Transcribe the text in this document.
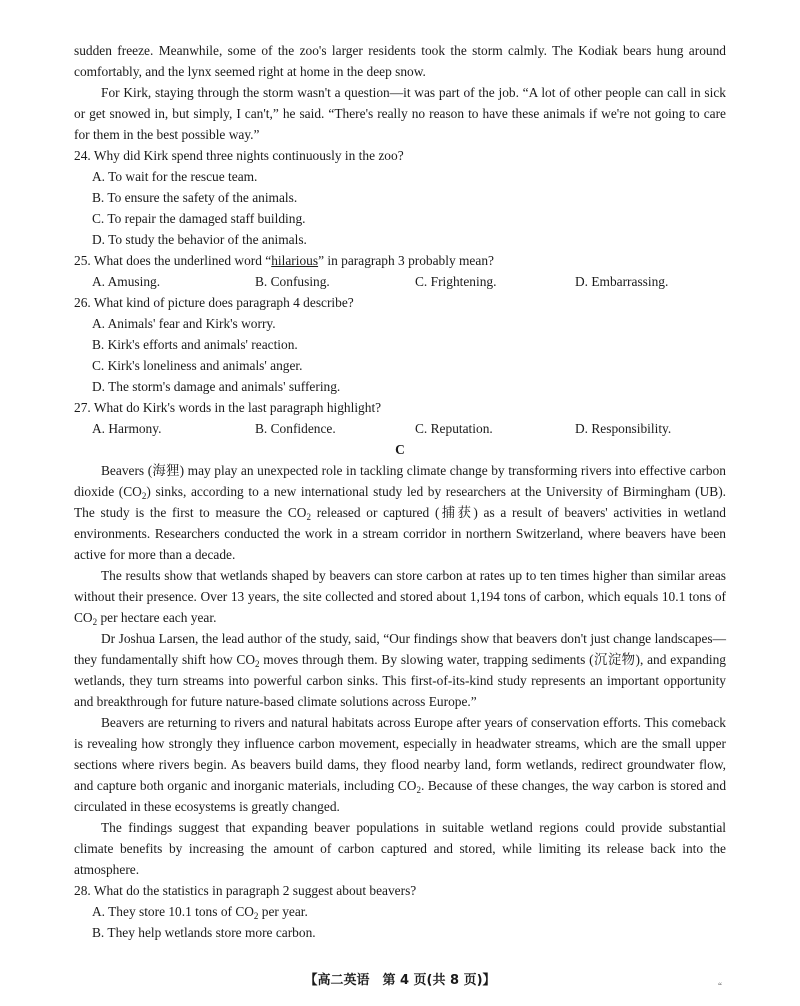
sudden freeze. Meanwhile, some of the zoo's larger residents took the storm calmly. The Kodiak bears hung around comfortably, and the lynx seemed right at home in the deep snow.

For Kirk, staying through the storm wasn't a question—it was part of the job. “A lot of other people can call in sick or get snowed in, but simply, I can't,” he said. “There's really no reason to have these animals if we're not going to care for them in the best possible way.”

24. Why did Kirk spend three nights continuously in the zoo?

A. To wait for the rescue team.

B. To ensure the safety of the animals.

C. To repair the damaged staff building.

D. To study the behavior of the animals.

25. What does the underlined word “hilarious” in paragraph 3 probably mean?

A. Amusing.	B. Confusing.	C. Frightening.	D. Embarrassing.

26. What kind of picture does paragraph 4 describe?

A. Animals' fear and Kirk's worry.

B. Kirk's efforts and animals' reaction.

C. Kirk's loneliness and animals' anger.

D. The storm's damage and animals' suffering.

27. What do Kirk's words in the last paragraph highlight?

A. Harmony.	B. Confidence.	C. Reputation.	D. Responsibility.

C

Beavers (海狸) may play an unexpected role in tackling climate change by transforming rivers into effective carbon dioxide $(CO_2)$ sinks, according to a new international study led by researchers at the University of Birmingham (UB). The study is the first to measure the $CO_2$ released or captured (捕获) as a result of beavers' activities in wetland environments. Researchers conducted the work in a stream corridor in northern Switzerland, where beavers have been active for more than a decade.

The results show that wetlands shaped by beavers can store carbon at rates up to ten times higher than similar areas without their presence. Over 13 years, the site collected and stored about 1,194 tons of carbon, which equals 10.1 tons of $CO_2$ per hectare each year.

Dr Joshua Larsen, the lead author of the study, said, “Our findings show that beavers don't just change landscapes—they fundamentally shift how $CO_2$ moves through them. By slowing water, trapping sediments (沉淀物), and expanding wetlands, they turn streams into powerful carbon sinks. This first-of-its-kind study represents an important opportunity and breakthrough for future nature-based climate solutions across Europe.”

Beavers are returning to rivers and natural habitats across Europe after years of conservation efforts. This comeback is revealing how strongly they influence carbon movement, especially in headwater streams, which are the small upper sections where rivers begin. As beavers build dams, they flood nearby land, form wetlands, redirect groundwater flow, and capture both organic and inorganic materials, including $CO_2$. Because of these changes, the way carbon is stored and circulated in these ecosystems is greatly changed.

The findings suggest that expanding beaver populations in suitable wetland regions could provide substantial climate benefits by increasing the amount of carbon captured and stored, while limiting its release back into the atmosphere.

28. What do the statistics in paragraph 2 suggest about beavers?

A. They store 10.1 tons of $CO_2$ per year.

B. They help wetlands store more carbon.

【高二英语　第 4 页(共 8 页)】	“
